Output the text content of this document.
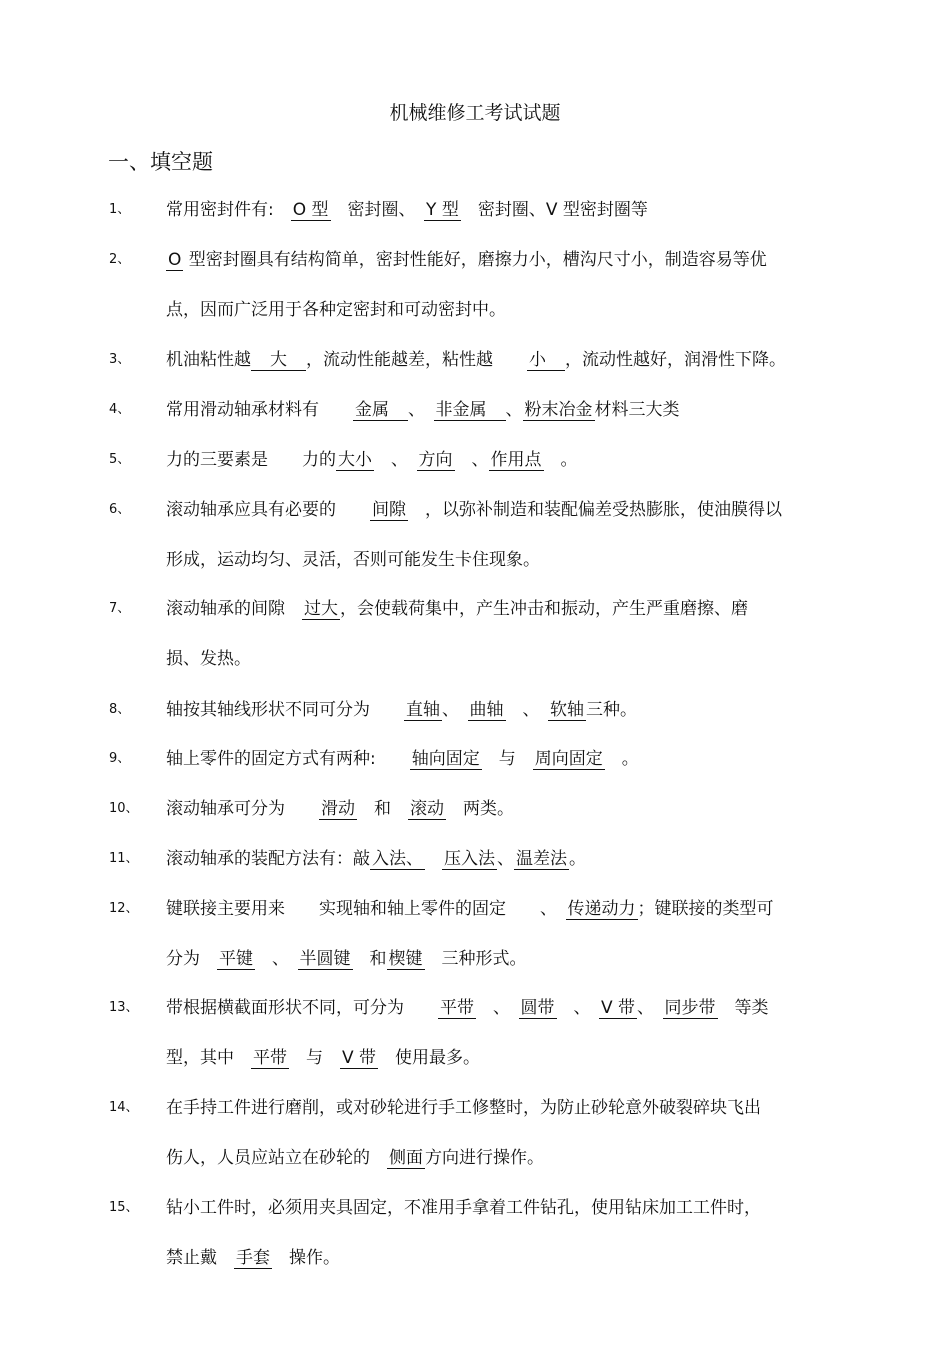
机械维修工考试试题
一、填空题
1、 常用密封件有:　O 型　密封圈、　Y 型　密封圈、V 型密封圈等
2、 O 型密封圈具有结构简单，密封性能好，磨擦力小，槽沟尺寸小，制造容易等优
点，因而广泛用于各种定密封和可动密封中。
3、 机油粘性越　大　，流动性能越差，粘性越　　小　，流动性越好，润滑性下降。
4、 常用滑动轴承材料有　　金属　、　非金属　、 粉末冶金 材料三大类
5、 力的三要素是　　力的 大小　、　方向　、作用点　。
6、 滚动轴承应具有必要的　　间隙　，以弥补制造和装配偏差受热膨胀，使油膜得以
形成，运动均匀、灵活，否则可能发生卡住现象。
7、 滚动轴承的间隙　过大，会使载荷集中，产生冲击和振动，产生严重磨擦、磨
损、发热。
8、 轴按其轴线形状不同可分为　　直轴、　曲轴　、　软轴三种。
9、 轴上零件的固定方式有两种:　　轴向固定　与　周向固定　。
10、 滚动轴承可分为　　滑动　和　滚动　两类。
11、 滚动轴承的装配方法有：敲 入法、　 压入法 、 温差法 。
12、 键联接主要用来　　实现轴和轴上零件的固定　　、　传递动力；键联接的类型可
分为　平键　、　半圆键　和楔键　三种形式。
13、 带根据横截面形状不同，可分为　　平带　、　圆带　、　V 带、　同步带　等类
型，其中　平带　与　V 带　使用最多。
14、 在手持工件进行磨削，或对砂轮进行手工修整时，为防止砂轮意外破裂碎块飞出
伤人，人员应站立在砂轮的　侧面方向进行操作。
15、 钻小工件时，必须用夹具固定，不准用手拿着工件钻孔，使用钻床加工工件时，
禁止戴　手套　操作。
